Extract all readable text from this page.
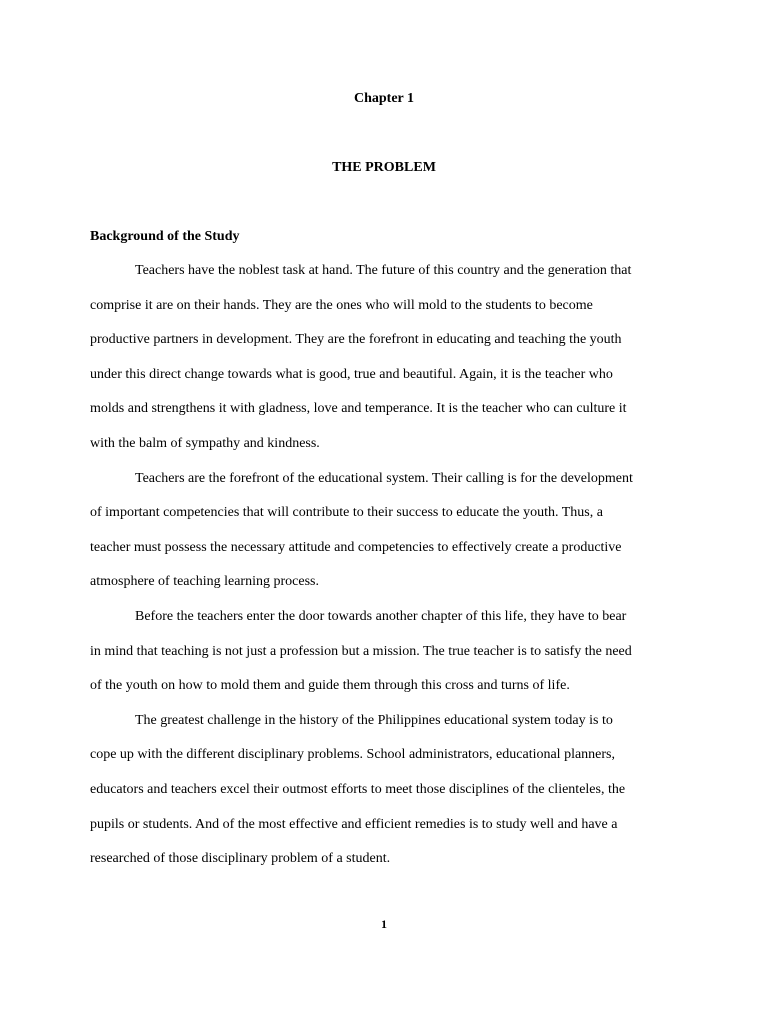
Chapter 1
THE PROBLEM
Background of the Study

Teachers have the noblest task at hand. The future of this country and the generation that
comprise it are on their hands. They are the ones who will mold to the students to become
productive partners in development. They are the forefront in educating and teaching the youth
under this direct change towards what is good, true and beautiful. Again, it is the teacher who
molds and strengthens it with gladness, love and temperance. It is the teacher who can culture it
with the balm of sympathy and kindness.

Teachers are the forefront of the educational system. Their calling is for the development
of important competencies that will contribute to their success to educate the youth. Thus, a
teacher must possess the necessary attitude and competencies to effectively create a productive
atmosphere of teaching learning process.

Before the teachers enter the door towards another chapter of this life, they have to bear
in mind that teaching is not just a profession but a mission. The true teacher is to satisfy the need
of the youth on how to mold them and guide them through this cross and turns of life.

The greatest challenge in the history of the Philippines educational system today is to
cope up with the different disciplinary problems. School administrators, educational planners,
educators and teachers excel their outmost efforts to meet those disciplines of the clienteles, the
pupils or students. And of the most effective and efficient remedies is to study well and have a
researched of those disciplinary problem of a student.

1
